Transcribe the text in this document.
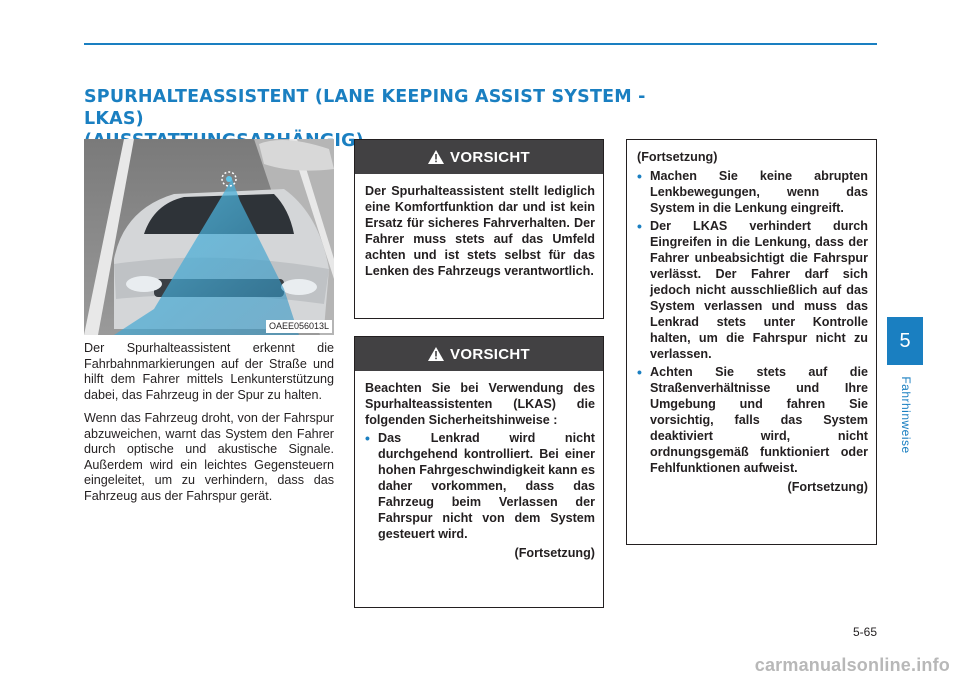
SPURHALTEASSISTENT (LANE KEEPING ASSIST SYSTEM - LKAS)
OAEE056013L

Der Spurhalteassistent erkennt die Fahrbahnmarkierungen auf der Straße und hilft dem Fahrer mittels Lenkunterstützung dabei, das Fahrzeug in der Spur zu halten.

Wenn das Fahrzeug droht, von der Fahrspur abzuweichen, warnt das System den Fahrer durch optische und akustische Signale. Außerdem wird ein leichtes Gegensteuern eingeleitet, um zu verhindern, dass das Fahrzeug aus der Fahrspur gerät.

VORSICHT

Der Spurhalteassistent stellt lediglich eine Komfortfunktion dar und ist kein Ersatz für sicheres Fahrverhalten. Der Fahrer muss stets auf das Umfeld achten und ist stets selbst für das Lenken des Fahrzeugs verantwortlich.

VORSICHT

Beachten Sie bei Verwendung des Spurhalteassistenten (LKAS) die folgenden Sicherheitshinweise :

• Das Lenkrad wird nicht durchgehend kontrolliert. Bei einer hohen Fahrgeschwindigkeit kann es daher vorkommen, dass das Fahrzeug beim Verlassen der Fahrspur nicht von dem System gesteuert wird.

(Fortsetzung)

(Fortsetzung)

• Machen Sie keine abrupten Lenkbewegungen, wenn das System in die Lenkung eingreift.
• Der LKAS verhindert durch Eingreifen in die Lenkung, dass der Fahrer unbeabsichtigt die Fahrspur verlässt. Der Fahrer darf sich jedoch nicht ausschließlich auf das System verlassen und muss das Lenkrad stets unter Kontrolle halten, um die Fahrspur nicht zu verlassen.
• Achten Sie stets auf die Straßenverhältnisse und Ihre Umgebung und fahren Sie vorsichtig, falls das System deaktiviert wird, nicht ordnungsgemäß funktioniert oder Fehlfunktionen aufweist.

(Fortsetzung)

5
Fahrhinweise
5-65
carmanualsonline.info
